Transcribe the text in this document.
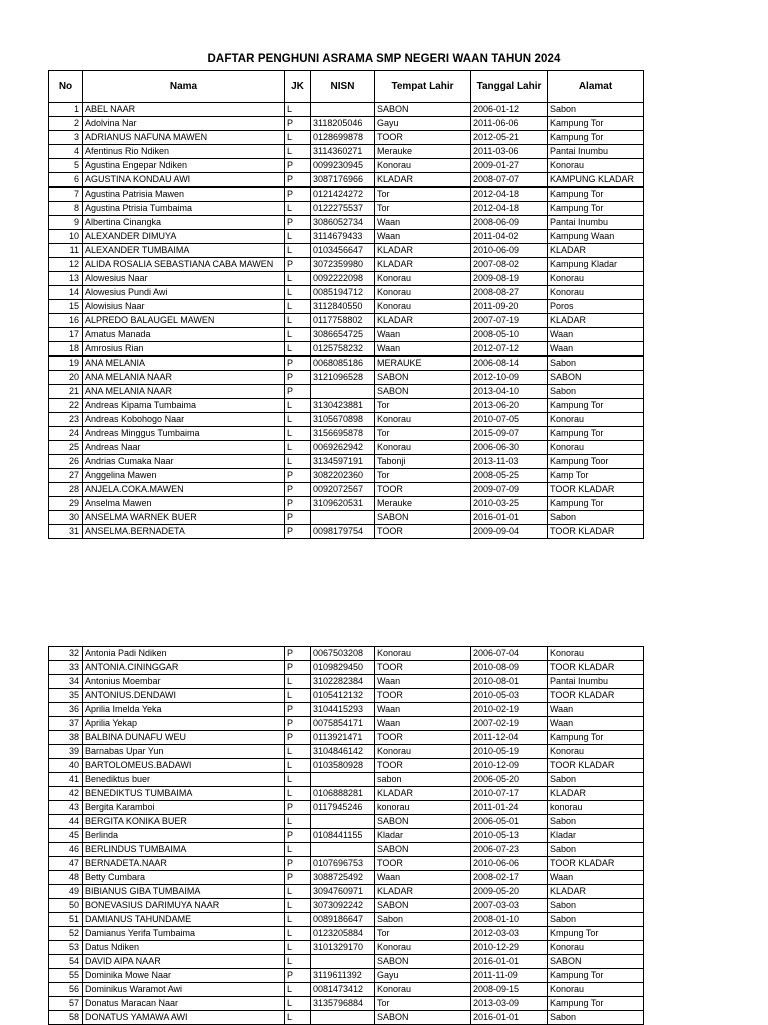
DAFTAR PENGHUNI ASRAMA SMP NEGERI WAAN TAHUN 2024
No	Nama	JK	NISN	Tempat Lahir	Tanggal Lahir	Alamat
1	ABEL NAAR	L		SABON	2006-01-12	Sabon
2	Adolvina Nar	P	3118205046	Gayu	2011-06-06	Kampung Tor
3	ADRIANUS NAFUNA MAWEN	L	0128699878	TOOR	2012-05-21	Kampung Tor
4	Afentinus Rio Ndiken	L	3114360271	Merauke	2011-03-06	Pantai Inumbu
5	Agustina Engepar Ndiken	P	0099230945	Konorau	2009-01-27	Konorau
6	AGUSTINA KONDAU AWI	P	3087176966	KLADAR	2008-07-07	KAMPUNG KLADAR
7	Agustina Patrisia Mawen	P	0121424272	Tor	2012-04-18	Kampung Tor
8	Agustina Ptrisia Tumbaima	L	0122275537	Tor	2012-04-18	Kampung Tor
9	Albertina Cinangka	P	3086052734	Waan	2008-06-09	Pantai Inumbu
10	ALEXANDER DIMUYA	L	3114679433	Waan	2011-04-02	Kampung Waan
11	ALEXANDER TUMBAIMA	L	0103456647	KLADAR	2010-06-09	KLADAR
12	ALIDA ROSALIA SEBASTIANA CABA MAWEN	P	3072359980	KLADAR	2007-08-02	Kampung Kladar
13	Alowesius Naar	L	0092222098	Konorau	2009-08-19	Konorau
14	Alowesius Pundi Awi	L	0085194712	Konorau	2008-08-27	Konorau
15	Alowisius Naar	L	3112840550	Konorau	2011-09-20	Poros
16	ALPREDO BALAUGEL MAWEN	L	0117758802	KLADAR	2007-07-19	KLADAR
17	Amatus Manada	L	3086654725	Waan	2008-05-10	Waan
18	Amrosius Rian	L	0125758232	Waan	2012-07-12	Waan
19	ANA MELANIA	P	0068085186	MERAUKE	2006-08-14	Sabon
20	ANA MELANIA NAAR	P	3121096528	SABON	2012-10-09	SABON
21	ANA MELANIA NAAR	P		SABON	2013-04-10	Sabon
22	Andreas Kipama Tumbaima	L	3130423881	Tor	2013-06-20	Kampung Tor
23	Andreas Kobohogo Naar	L	3105670898	Konorau	2010-07-05	Konorau
24	Andreas Minggus Tumbaima	L	3156695878	Tor	2015-09-07	Kampung Tor
25	Andreas Naar	L	0069262942	Konorau	2006-06-30	Konorau
26	Andrias Cumaka Naar	L	3134597191	Tabonji	2013-11-03	Kampung Toor
27	Anggelina Mawen	P	3082202360	Tor	2008-05-25	Kamp Tor
28	ANJELA.COKA.MAWEN	P	0092072567	TOOR	2009-07-09	TOOR KLADAR
29	Anselma Mawen	P	3109620531	Merauke	2010-03-25	Kampung Tor
30	ANSELMA WARNEK BUER	P		SABON	2016-01-01	Sabon
31	ANSELMA.BERNADETA	P	0098179754	TOOR	2009-09-04	TOOR KLADAR
32	Antonia Padi Ndiken	P	0067503208	Konorau	2006-07-04	Konorau
33	ANTONIA.CININGGAR	P	0109829450	TOOR	2010-08-09	TOOR KLADAR
34	Antonius Moembar	L	3102282384	Waan	2010-08-01	Pantai Inumbu
35	ANTONIUS.DENDAWI	L	0105412132	TOOR	2010-05-03	TOOR KLADAR
36	Aprilia Imelda Yeka	P	3104415293	Waan	2010-02-19	Waan
37	Aprilia Yekap	P	0075854171	Waan	2007-02-19	Waan
38	BALBINA DUNAFU WEU	P	0113921471	TOOR	2011-12-04	Kampung Tor
39	Barnabas Upar Yun	L	3104846142	Konorau	2010-05-19	Konorau
40	BARTOLOMEUS.BADAWI	L	0103580928	TOOR	2010-12-09	TOOR KLADAR
41	Benediktus buer	L		sabon	2006-05-20	Sabon
42	BENEDIKTUS TUMBAIMA	L	0106888281	KLADAR	2010-07-17	KLADAR
43	Bergita Karamboi	P	0117945246	konorau	2011-01-24	konorau
44	BERGITA KONIKA BUER	L		SABON	2006-05-01	Sabon
45	Berlinda	P	0108441155	Kladar	2010-05-13	Kladar
46	BERLINDUS TUMBAIMA	L		SABON	2006-07-23	Sabon
47	BERNADETA.NAAR	P	0107696753	TOOR	2010-06-06	TOOR KLADAR
48	Betty Cumbara	P	3088725492	Waan	2008-02-17	Waan
49	BIBIANUS GIBA TUMBAIMA	L	3094760971	KLADAR	2009-05-20	KLADAR
50	BONEVASIUS DARIMUYA NAAR	L	3073092242	SABON	2007-03-03	Sabon
51	DAMIANUS TAHUNDAME	L	0089186647	Sabon	2008-01-10	Sabon
52	Damianus Yerifa Tumbaima	L	0123205884	Tor	2012-03-03	Kmpung Tor
53	Datus Ndiken	L	3101329170	Konorau	2010-12-29	Konorau
54	DAVID AIPA NAAR	L		SABON	2016-01-01	SABON
55	Dominika Mowe Naar	P	3119611392	Gayu	2011-11-09	Kampung Tor
56	Dominikus Waramot Awi	L	0081473412	Konorau	2008-09-15	Konorau
57	Donatus Maracan Naar	L	3135796884	Tor	2013-03-09	Kampung Tor
58	DONATUS YAMAWA AWI	L		SABON	2016-01-01	Sabon
